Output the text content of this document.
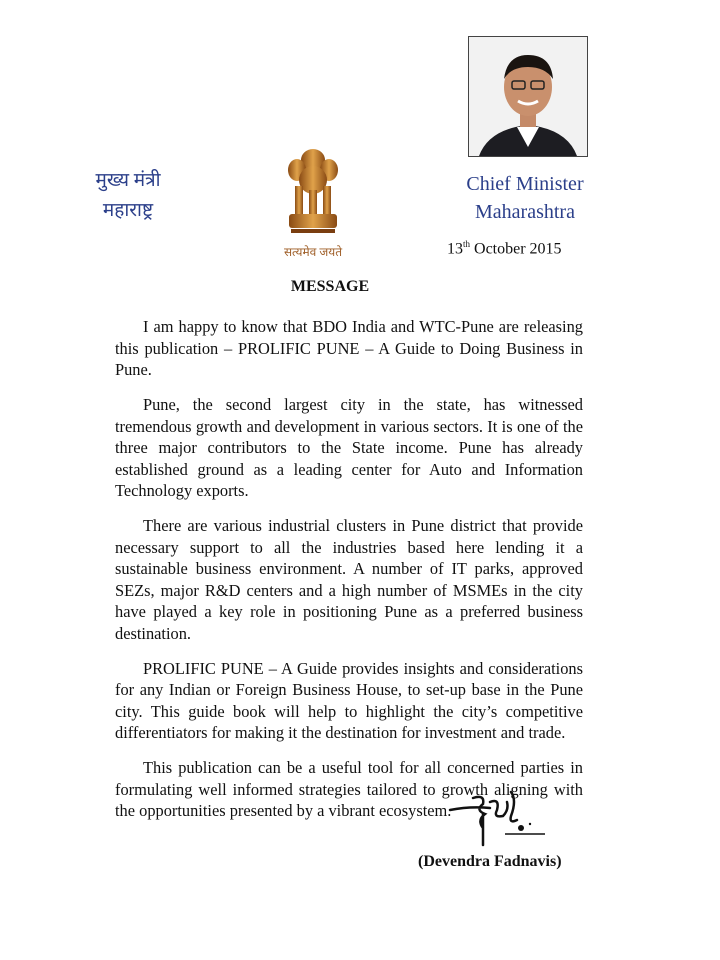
मुख्य मंत्री
महाराष्ट्र
सत्यमेव जयते
Chief Minister
Maharashtra
13th October 2015
MESSAGE

I am happy to know that BDO India and WTC-Pune are releasing this publication – PROLIFIC PUNE – A Guide to Doing Business in Pune.

Pune, the second largest city in the state, has witnessed tremendous growth and development in various sectors. It is one of the three major contributors to the State income. Pune has already established ground as a leading center for Auto and Information Technology exports.

There are various industrial clusters in Pune district that provide necessary support to all the industries based here lending it a sustainable business environment. A number of IT parks, approved SEZs, major R&D centers and a high number of MSMEs in the city have played a key role in positioning Pune as a preferred business destination.

PROLIFIC PUNE – A Guide provides insights and considerations for any Indian or Foreign Business House, to set-up base in the Pune city. This guide book will help to highlight the city’s competitive differentiators for making it the destination for investment and trade.

This publication can be a useful tool for all concerned parties in formulating well informed strategies tailored to growth aligning with the opportunities presented by a vibrant ecosystem.

(Devendra Fadnavis)
